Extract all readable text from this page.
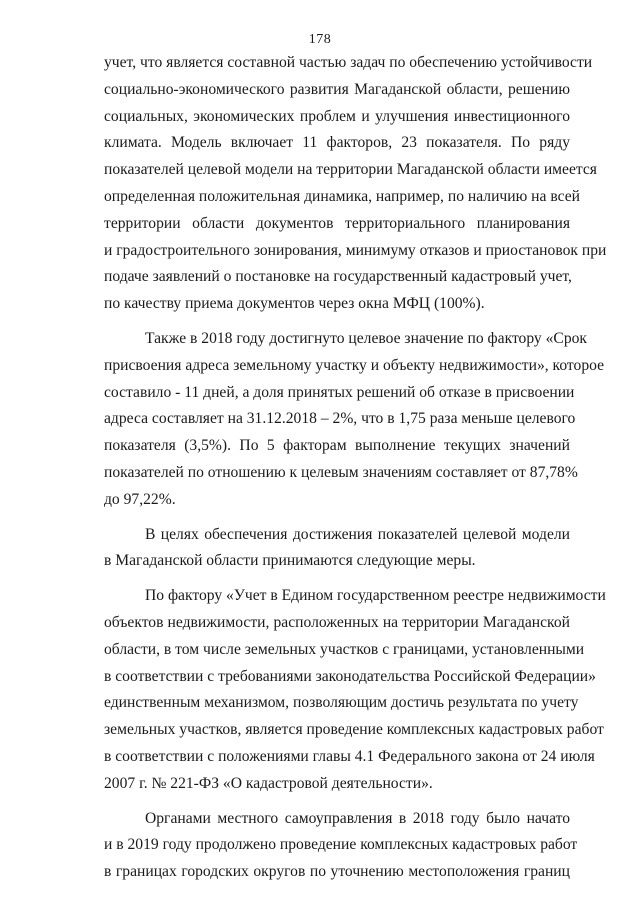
178
учет, что является составной частью задач по обеспечению устойчивости
социально-экономического развития Магаданской области, решению
социальных, экономических проблем и улучшения инвестиционного
климата. Модель включает 11 факторов, 23 показателя. По ряду
показателей целевой модели на территории Магаданской области имеется
определенная положительная динамика, например, по наличию на всей
территории области документов территориального планирования
и градостроительного зонирования, минимуму отказов и приостановок при
подаче заявлений о постановке на государственный кадастровый учет,
по качеству приема документов через окна МФЦ (100%).
Также в 2018 году достигнуто целевое значение по фактору «Срок
присвоения адреса земельному участку и объекту недвижимости», которое
составило - 11 дней, а доля принятых решений об отказе в присвоении
адреса составляет на 31.12.2018 – 2%, что в 1,75 раза меньше целевого
показателя (3,5%). По 5 факторам выполнение текущих значений
показателей по отношению к целевым значениям составляет от 87,78%
до 97,22%.
В целях обеспечения достижения показателей целевой модели
в Магаданской области принимаются следующие меры.
По фактору «Учет в Едином государственном реестре недвижимости
объектов недвижимости, расположенных на территории Магаданской
области, в том числе земельных участков с границами, установленными
в соответствии с требованиями законодательства Российской Федерации»
единственным механизмом, позволяющим достичь результата по учету
земельных участков, является проведение комплексных кадастровых работ
в соответствии с положениями главы 4.1 Федерального закона от 24 июля
2007 г. № 221-ФЗ «О кадастровой деятельности».
Органами местного самоуправления в 2018 году было начато
и в 2019 году продолжено проведение комплексных кадастровых работ
в границах городских округов по уточнению местоположения границ
